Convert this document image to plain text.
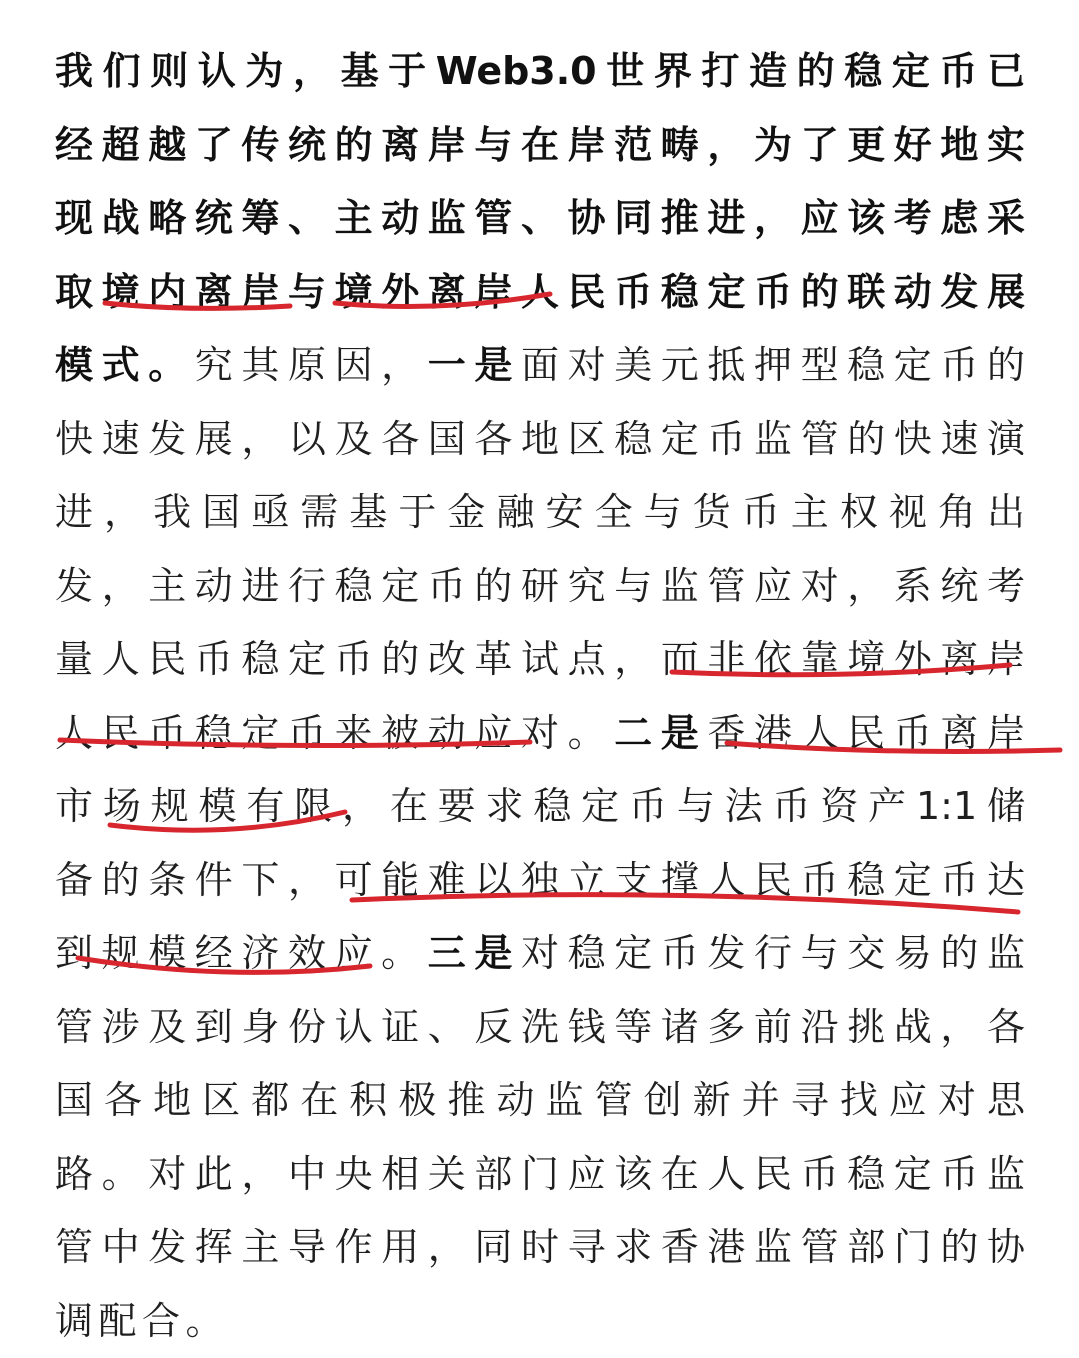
我们则认为，基于Web3.0世界打造的稳定币已
经超越了传统的离岸与在岸范畴，为了更好地实
现战略统筹、主动监管、协同推进，应该考虑采
取境内离岸与境外离岸人民币稳定币的联动发展
模式。究其原因，一是面对美元抵押型稳定币的
快速发展，以及各国各地区稳定币监管的快速演
进，我国亟需基于金融安全与货币主权视角出
发，主动进行稳定币的研究与监管应对，系统考
量人民币稳定币的改革试点，而非依靠境外离岸
人民币稳定币来被动应对。二是香港人民币离岸
市场规模有限，在要求稳定币与法币资产1:1储
备的条件下，可能难以独立支撑人民币稳定币达
到规模经济效应。三是对稳定币发行与交易的监
管涉及到身份认证、反洗钱等诸多前沿挑战，各
国各地区都在积极推动监管创新并寻找应对思
路。对此，中央相关部门应该在人民币稳定币监
管中发挥主导作用，同时寻求香港监管部门的协
调配合。
